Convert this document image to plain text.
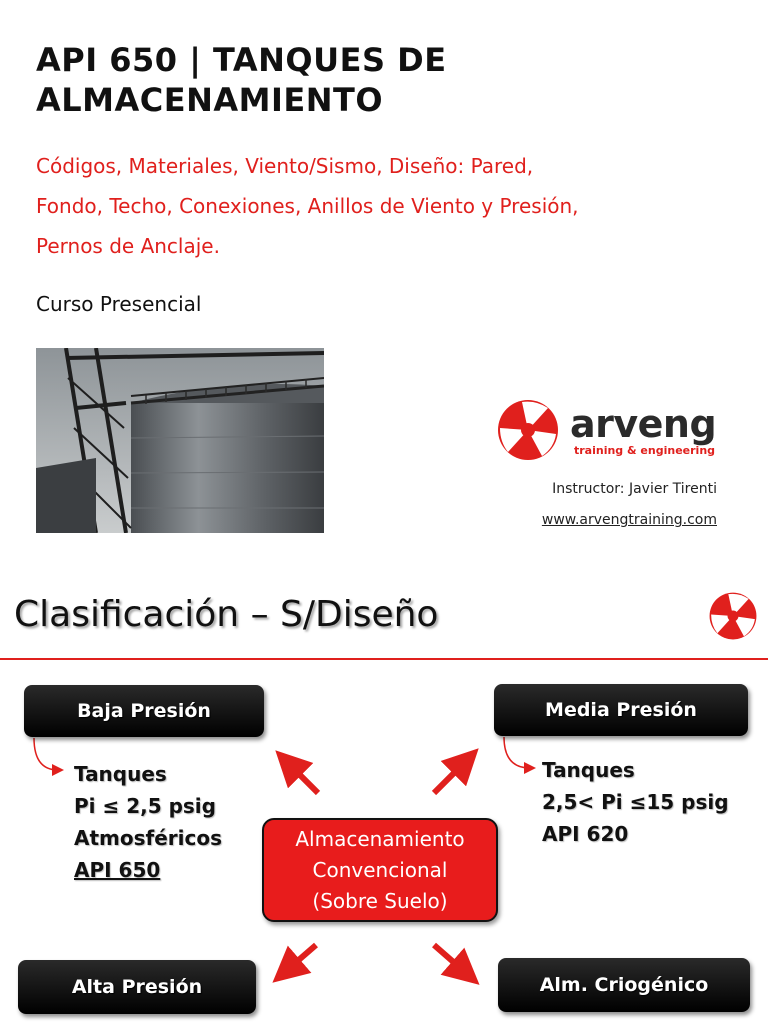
API 650 | TANQUES DE
ALMACENAMIENTO
Códigos, Materiales, Viento/Sismo, Diseño: Pared,
Fondo, Techo, Conexiones, Anillos de Viento y Presión,
Pernos de Anclaje.
Curso Presencial
arveng
training & engineering
Instructor: Javier Tirenti
www.arvengtraining.com
Clasificación – S/Diseño
Baja Presión	Media Presión
Alta Presión	Alm. Criogénico
Tanques
Pi ≤ 2,5 psig
Atmosféricos
API 650
Tanques
2,5< Pi ≤15 psig
API 620
Almacenamiento
Convencional
(Sobre Suelo)
